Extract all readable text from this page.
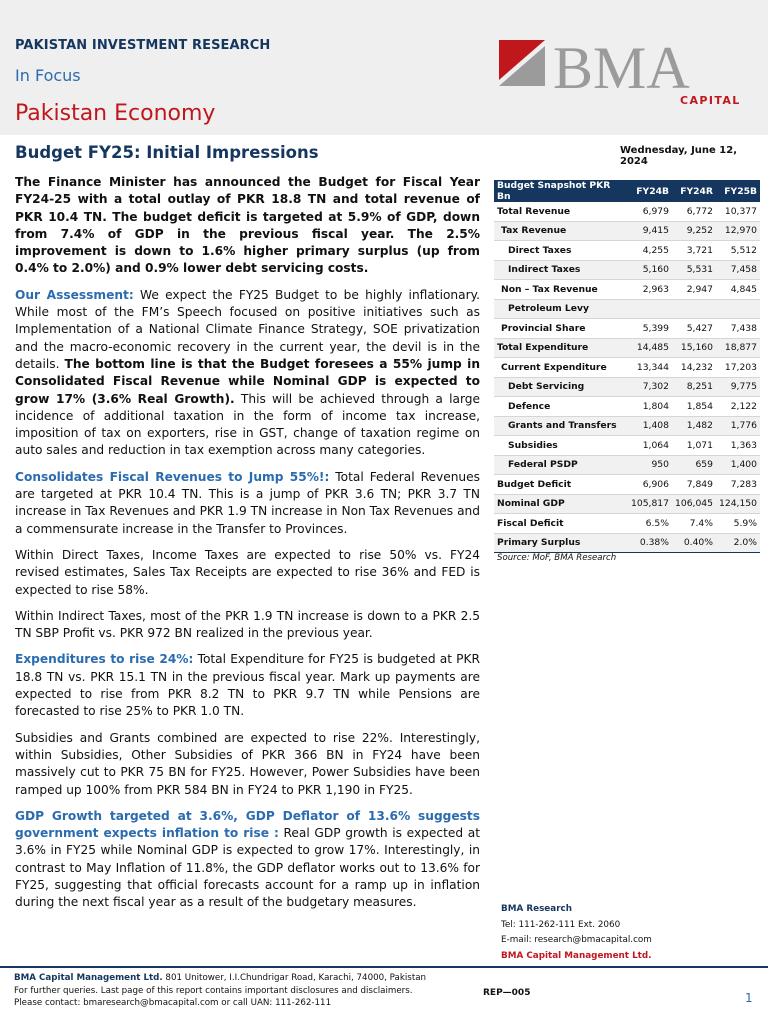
PAKISTAN INVESTMENT RESEARCH
In Focus
Pakistan Economy
BMA
CAPITAL
Budget FY25: Initial Impressions	Wednesday, June 12, 2024

The Finance Minister has announced the Budget for Fiscal Year FY24-25 with a total outlay of PKR 18.8 TN and total revenue of PKR 10.4 TN. The budget deficit is targeted at 5.9% of GDP, down from 7.4% of GDP in the previous fiscal year. The 2.5% improvement is down to 1.6% higher primary surplus (up from 0.4% to 2.0%) and 0.9% lower debt servicing costs.

Our Assessment: We expect the FY25 Budget to be highly inflationary. While most of the FM’s Speech focused on positive initiatives such as Implementation of a National Climate Finance Strategy, SOE privatization and the macro-economic recovery in the current year, the devil is in the details. The bottom line is that the Budget foresees a 55% jump in Consolidated Fiscal Revenue while Nominal GDP is expected to grow 17% (3.6% Real Growth). This will be achieved through a large incidence of additional taxation in the form of income tax increase, imposition of tax on exporters, rise in GST, change of taxation regime on auto sales and reduction in tax exemption across many categories.

Consolidates Fiscal Revenues to Jump 55%!: Total Federal Revenues are targeted at PKR 10.4 TN. This is a jump of PKR 3.6 TN; PKR 3.7 TN increase in Tax Revenues and PKR 1.9 TN increase in Non Tax Revenues and a commensurate increase in the Transfer to Provinces.

Within Direct Taxes, Income Taxes are expected to rise 50% vs. FY24 revised estimates, Sales Tax Receipts are expected to rise 36% and FED is expected to rise 58%.

Within Indirect Taxes, most of the PKR 1.9 TN increase is down to a PKR 2.5 TN SBP Profit vs. PKR 972 BN realized in the previous year.

Expenditures to rise 24%: Total Expenditure for FY25 is budgeted at PKR 18.8 TN vs. PKR 15.1 TN in the previous fiscal year. Mark up payments are expected to rise from PKR 8.2 TN to PKR 9.7 TN while Pensions are forecasted to rise 25% to PKR 1.0 TN.

Subsidies and Grants combined are expected to rise 22%. Interestingly, within Subsidies, Other Subsidies of PKR 366 BN in FY24 have been massively cut to PKR 75 BN for FY25. However, Power Subsidies have been ramped up 100% from PKR 584 BN in FY24 to PKR 1,190 in FY25.

GDP Growth targeted at 3.6%, GDP Deflator of 13.6% suggests government expects inflation to rise : Real GDP growth is expected at 3.6% in FY25 while Nominal GDP is expected to grow 17%. Interestingly, in contrast to May Inflation of 11.8%, the GDP deflator works out to 13.6% for FY25, suggesting that official forecasts account for a ramp up in inflation during the next fiscal year as a result of the budgetary measures.

Budget Snapshot PKR Bn	FY24B	FY24R	FY25B
Total Revenue	6,979	6,772	10,377
Tax Revenue	9,415	9,252	12,970
Direct Taxes	4,255	3,721	5,512
Indirect Taxes	5,160	5,531	7,458
Non – Tax Revenue	2,963	2,947	4,845
Petroleum Levy			
Provincial Share	5,399	5,427	7,438
Total Expenditure	14,485	15,160	18,877
Current Expenditure	13,344	14,232	17,203
Debt Servicing	7,302	8,251	9,775
Defence	1,804	1,854	2,122
Grants and Transfers	1,408	1,482	1,776
Subsidies	1,064	1,071	1,363
Federal PSDP	950	659	1,400
Budget Deficit	6,906	7,849	7,283
Nominal GDP	105,817	106,045	124,150
Fiscal Deficit	6.5%	7.4%	5.9%
Primary Surplus	0.38%	0.40%	2.0%
Source: MoF, BMA Research
BMA Research
Tel: 111-262-111 Ext. 2060
E-mail: research@bmacapital.com
BMA Capital Management Ltd.
BMA Capital Management Ltd. 801 Unitower, I.I.Chundrigar Road, Karachi, 74000, Pakistan For further queries. Last page of this report contains important disclosures and disclaimers. Please contact: bmaresearch@bmacapital.com or call UAN: 111-262-111
REP—005	1
